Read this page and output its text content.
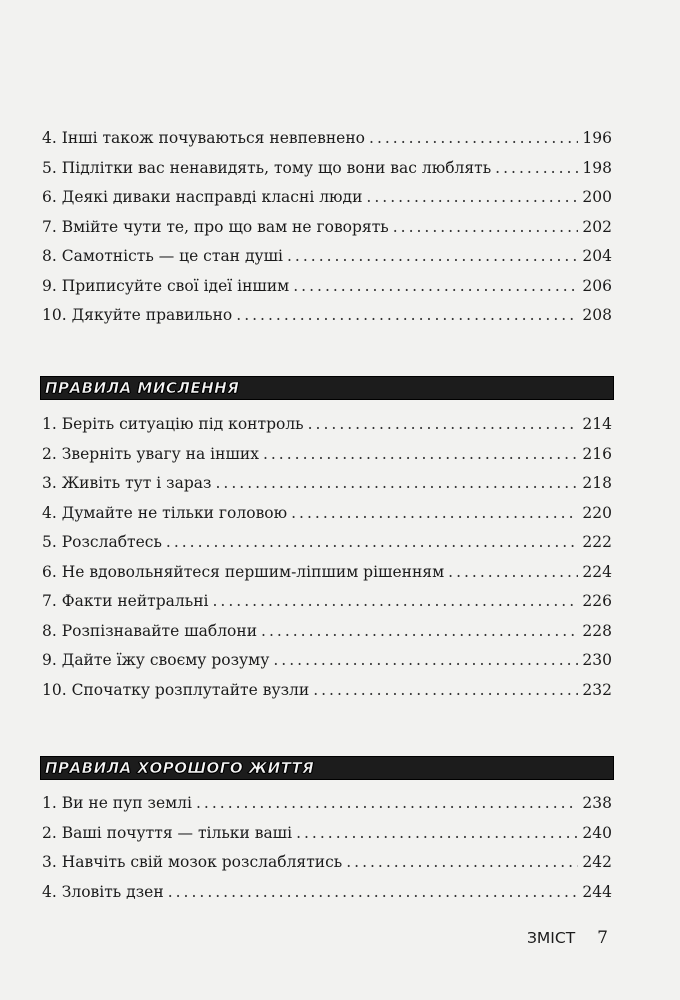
4. Інші також почуваються невпевнено .....	196
5. Підлітки вас ненавидять, тому що вони вас люблять .....	198
6. Деякі диваки насправді класні люди .....	200
7. Вмійте чути те, про що вам не говорять .....	202
8. Самотність — це стан душі .....	204
9. Приписуйте свої ідеї іншим .....	206
10. Дякуйте правильно .....	208
ПРАВИЛА МИСЛЕННЯ
1. Беріть ситуацію під контроль .....	214
2. Зверніть увагу на інших .....	216
3. Живіть тут і зараз .....	218
4. Думайте не тільки головою .....	220
5. Розслабтесь .....	222
6. Не вдовольняйтеся першим-ліпшим рішенням .....	224
7. Факти нейтральні .....	226
8. Розпізнавайте шаблони .....	228
9. Дайте їжу своєму розуму .....	230
10. Спочатку розплутайте вузли .....	232
ПРАВИЛА ХОРОШОГО ЖИТТЯ
1. Ви не пуп землі .....	238
2. Ваші почуття — тільки ваші .....	240
3. Навчіть свій мозок розслаблятись .....	242
4. Зловіть дзен .....	244
ЗМІСТ 7
